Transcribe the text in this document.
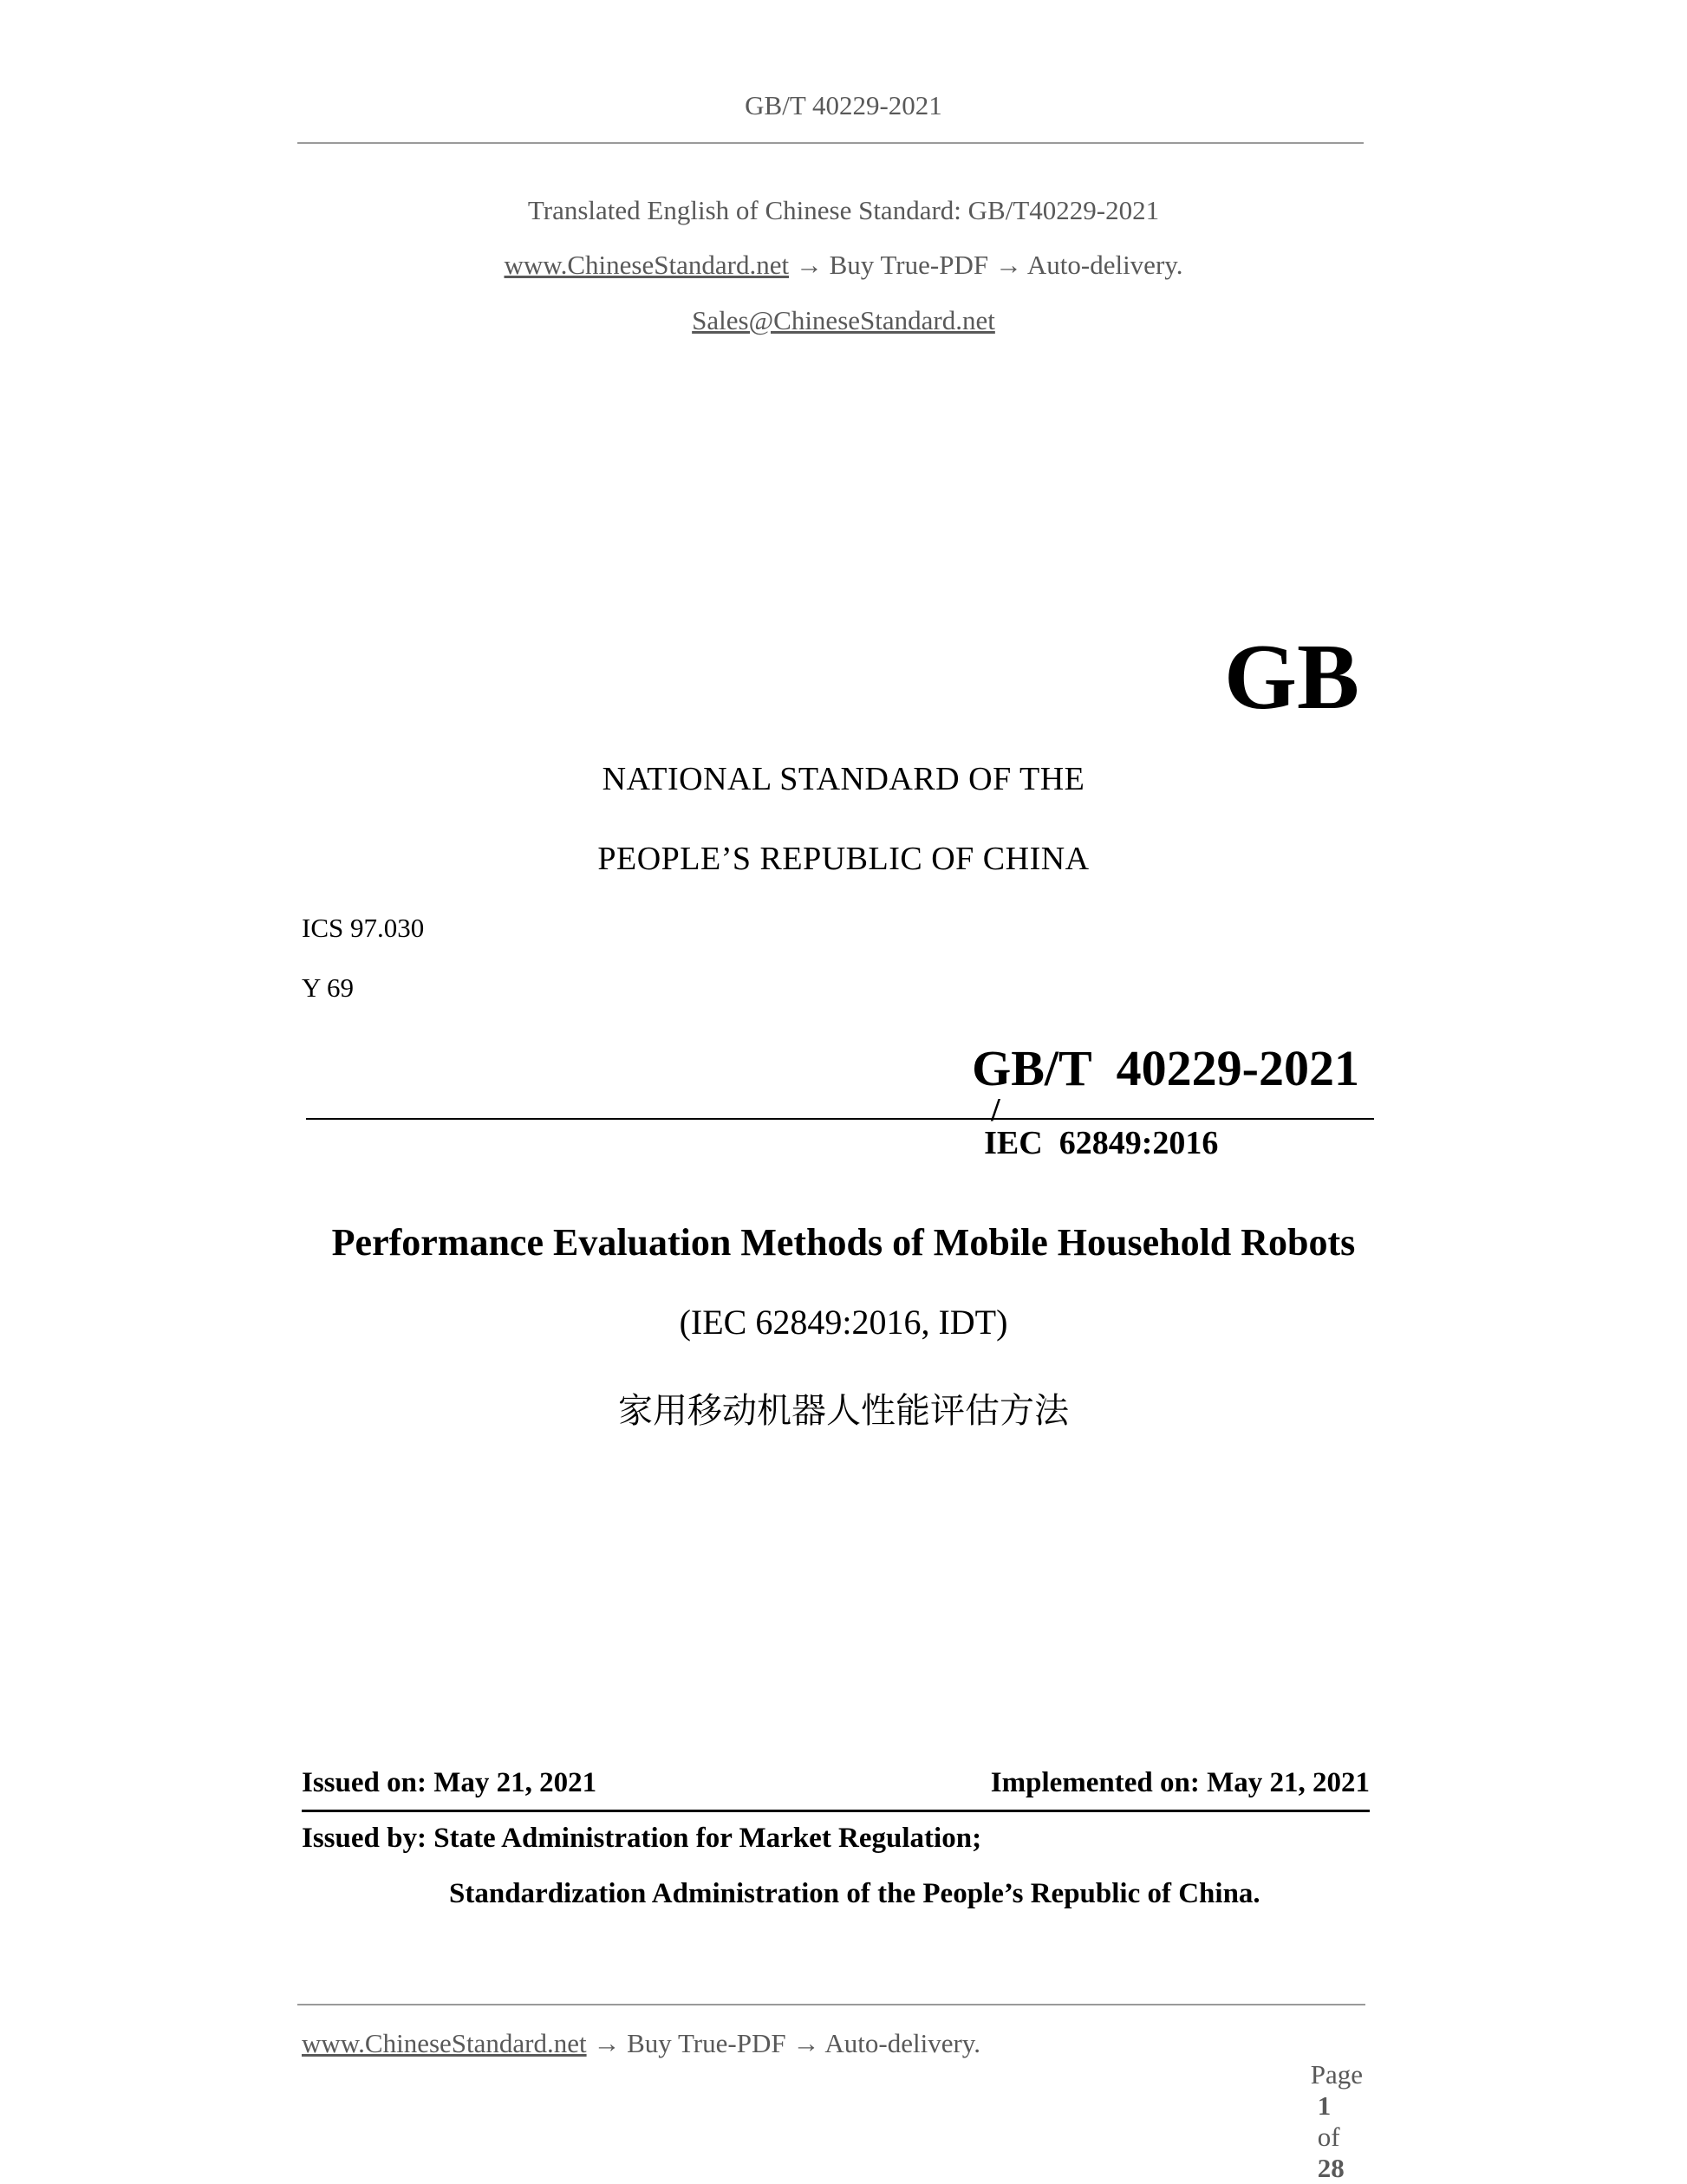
GB/T 40229-2021
Translated English of Chinese Standard: GB/T40229-2021
www.ChineseStandard.net → Buy True-PDF → Auto-delivery.
Sales@ChineseStandard.net
GB
NATIONAL STANDARD OF THE
PEOPLE’S REPUBLIC OF CHINA
ICS 97.030
Y 69

GB/T  40229-2021
/
IEC  62849:2016

Performance Evaluation Methods of Mobile Household Robots
(IEC 62849:2016, IDT)
家用移动机器人性能评估方法
Issued on: May 21, 2021	Implemented on: May 21, 2021
Issued by: State Administration for Market Regulation;
Standardization Administration of the People’s Republic of China.
www.ChineseStandard.net → Buy True-PDF → Auto-delivery.

Page
1
of
28
